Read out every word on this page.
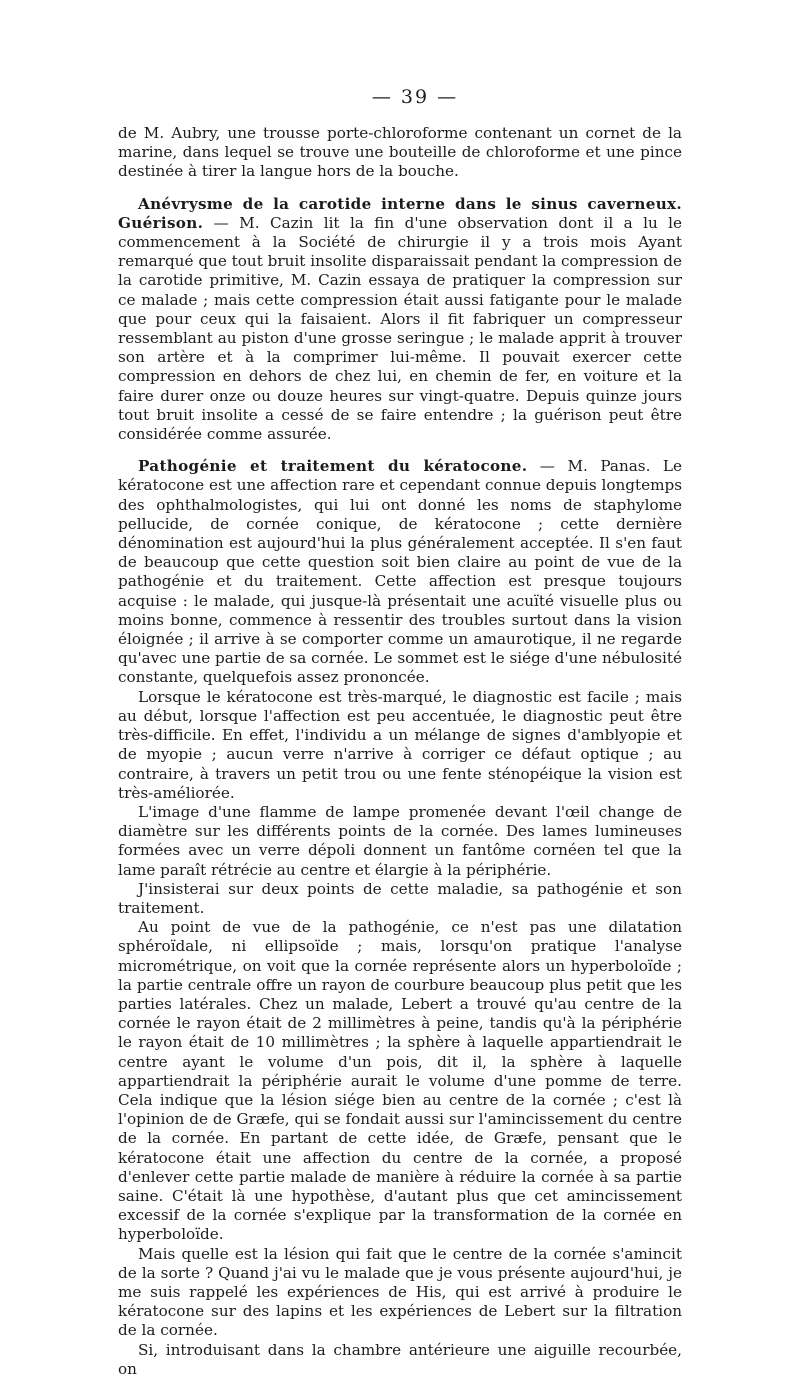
— 39 —

de M. Aubry, une trousse porte-chloroforme contenant un cornet de la marine, dans lequel se trouve une bouteille de chloroforme et une pince destinée à tirer la langue hors de la bouche.

Anévrysme de la carotide interne dans le sinus caverneux. Guérison. — M. Cazin lit la fin d'une observation dont il a lu le commencement à la Société de chirurgie il y a trois mois Ayant remarqué que tout bruit insolite disparaissait pendant la compression de la carotide primitive, M. Cazin essaya de pratiquer la compression sur ce malade ; mais cette compression était aussi fatigante pour le malade que pour ceux qui la faisaient. Alors il fit fabriquer un compresseur ressemblant au piston d'une grosse seringue ; le malade apprit à trouver son artère et à la comprimer lui-même. Il pouvait exercer cette compression en dehors de chez lui, en chemin de fer, en voiture et la faire durer onze ou douze heures sur vingt-quatre. Depuis quinze jours tout bruit insolite a cessé de se faire entendre ; la guérison peut être considérée comme assurée.

Pathogénie et traitement du kératocone. — M. Panas. Le kératocone est une affection rare et cependant connue depuis longtemps des ophthalmologistes, qui lui ont donné les noms de staphylome pellucide, de cornée conique, de kératocone ; cette dernière dénomination est aujourd'hui la plus généralement acceptée. Il s'en faut de beaucoup que cette question soit bien claire au point de vue de la pathogénie et du traitement. Cette affection est presque toujours acquise : le malade, qui jusque-là présentait une acuïté visuelle plus ou moins bonne, commence à ressentir des troubles surtout dans la vision éloignée ; il arrive à se comporter comme un amaurotique, il ne regarde qu'avec une partie de sa cornée. Le sommet est le siége d'une nébulosité constante, quelquefois assez prononcée.

Lorsque le kératocone est très-marqué, le diagnostic est facile ; mais au début, lorsque l'affection est peu accentuée, le diagnostic peut être très-difficile. En effet, l'individu a un mélange de signes d'amblyopie et de myopie ; aucun verre n'arrive à corriger ce défaut optique ; au contraire, à travers un petit trou ou une fente sténopéique la vision est très-améliorée.

L'image d'une flamme de lampe promenée devant l'œil change de diamètre sur les différents points de la cornée. Des lames lumineuses formées avec un verre dépoli donnent un fantôme cornéen tel que la lame paraît rétrécie au centre et élargie à la périphérie.

J'insisterai sur deux points de cette maladie, sa pathogénie et son traitement.

Au point de vue de la pathogénie, ce n'est pas une dilatation sphéroïdale, ni ellipsoïde ; mais, lorsqu'on pratique l'analyse micrométrique, on voit que la cornée représente alors un hyperboloïde ; la partie centrale offre un rayon de courbure beaucoup plus petit que les parties latérales. Chez un malade, Lebert a trouvé qu'au centre de la cornée le rayon était de 2 millimètres à peine, tandis qu'à la périphérie le rayon était de 10 millimètres ; la sphère à laquelle appartiendrait le centre ayant le volume d'un pois, dit il, la sphère à laquelle appartiendrait la périphérie aurait le volume d'une pomme de terre. Cela indique que la lésion siége bien au centre de la cornée ; c'est là l'opinion de de Græfe, qui se fondait aussi sur l'amincissement du centre de la cornée. En partant de cette idée, de Græfe, pensant que le kératocone était une affection du centre de la cornée, a proposé d'enlever cette partie malade de manière à réduire la cornée à sa partie saine. C'était là une hypothèse, d'autant plus que cet amincissement excessif de la cornée s'explique par la transformation de la cornée en hyperboloïde.

Mais quelle est la lésion qui fait que le centre de la cornée s'amincit de la sorte ? Quand j'ai vu le malade que je vous présente aujourd'hui, je me suis rappelé les expériences de His, qui est arrivé à produire le kératocone sur des lapins et les expériences de Lebert sur la filtration de la cornée.

Si, introduisant dans la chambre antérieure une aiguille recourbée, on
